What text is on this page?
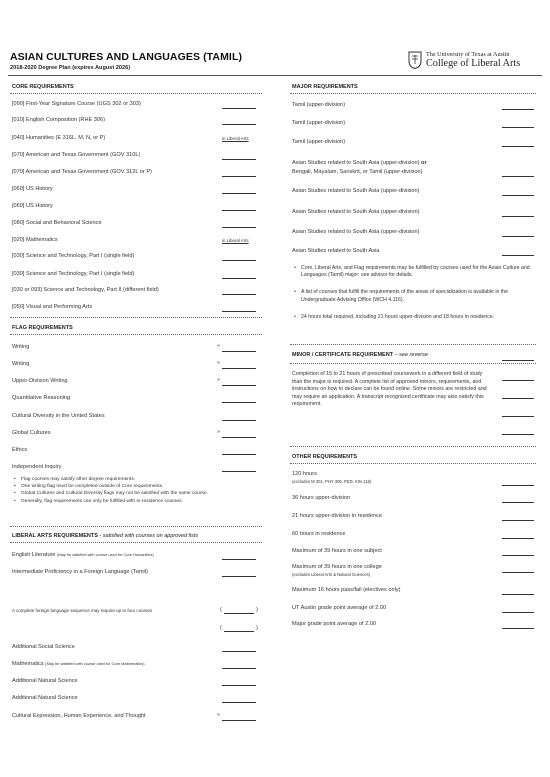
ASIAN CULTURES AND LANGUAGES (TAMIL)
2018-2020 Degree Plan (expires August 2026)
The University of Texas at Austin
College of Liberal Arts
CORE REQUIREMENTS
[090] First-Year Signature Course (UGS 302 or 303)
[010] English Composition (RHE 306)
[040] Humanities (E 316L, M, N, or P)	in Liberal Arts
[070] American and Texas Government (GOV 310L)
[070] American and Texas Government (GOV 312L or P)
[060] US History
[060] US History
[080] Social and Behavioral Science
[020] Mathematics	in Liberal Arts
[030] Science and Technology, Part I (single field)
[030] Science and Technology, Part I (single field)
[030 or 093] Science and Technology, Part II (different field)
[050] Visual and Performing Arts
FLAG REQUIREMENTS
Writing	»
Writing	»
Upper-Division Writing	»
Quantitative Reasoning
Cultural Diversity in the United States
Global Cultures	»
Ethics
Independent Inquiry
• Flag courses may satisfy other degree requirements.
• One writing flag must be completed outside of Core requirements.
• Global Cultures and Cultural Diversity flags may not be satisfied with the same course.
• Generally, flag requirements can only be fulfilled with in-residence courses.
LIBERAL ARTS REQUIREMENTS - satisfied with courses on approved lists
English Literature (May be satisfied with course used for Core Humanities)
Intermediate Proficiency in a Foreign Language (Tamil)
A complete foreign language sequence may require up to four courses	(	)
(	)
Additional Social Science
Mathematics (May be satisfied with course used for Core Mathematics)
Additional Natural Science
Additional Natural Science
Cultural Expression, Human Experience, and Thought	»
MAJOR REQUIREMENTS
Tamil (upper-division)
Tamil (upper-division)
Tamil (upper-division)
Asian Studies related to South Asia (upper-division) or
Bengali, Mayalam, Sanskrit, or Tamil (upper-division)
Asian Studies related to South Asia (upper-division)
Asian Studies related to South Asia (upper-division)
Asian Studies related to South Asia (upper-division)
Asian Studies related to South Asia
• Core, Liberal Arts, and Flag requirements may be fulfilled by courses used for the Asian Culture and Languages (Tamil) major; see advisor for details.
• A list of courses that fulfill the requirements of the areas of specialization is available in the Undergraduate Advising Office (WCH 4.116).
• 24 hours total required, including 21 hours upper-division and 18 hours in residence.
MINOR / CERTIFICATE REQUIREMENT – see reverse
Completion of 15 to 21 hours of prescribed coursework in a different field of study than the major is required. A complete list of approved minors, requirements, and instructions on how to declare can be found online. Some minors are restricted and may require an application. A transcript recognized certificate may also satisfy this requirement.
OTHER REQUIREMENTS
120 hours
(excludes M 301, PHY 306, PED, KIN 119)
36 hours upper-division
21 hours upper-division in residence
60 hours in residence
Maximum of 39 hours in one subject
Maximum of 39 hours in one college
(excludes Liberal Arts & Natural Sciences)
Maximum 16 hours pass/fail (electives only)
UT Austin grade point average of 2.00
Major grade point average of 2.00
